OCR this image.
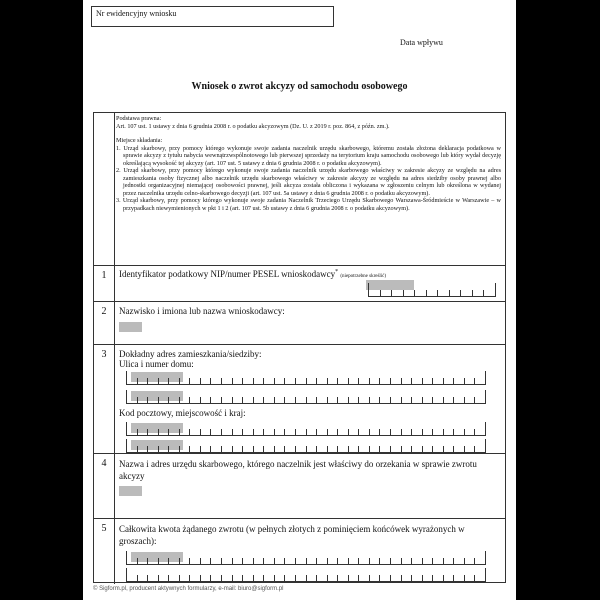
Nr ewidencyjny wniosku
Data wpływu
Wniosek o zwrot akcyzy od samochodu osobowego

Podstawa prawna:

Art. 107 ust. 1 ustawy z dnia 6 grudnia 2008 r. o podatku akcyzowym (Dz. U. z 2019 r. poz. 864, z późn. zm.).

Miejsce składania:

1. Urząd skarbowy, przy pomocy którego wykonuje swoje zadania naczelnik urzędu skarbowego, któremu została złożona deklaracja podatkowa w sprawie akcyzy z tytułu nabycia wewnątrzwspólnotowego lub pierwszej sprzedaży na terytorium kraju samochodu osobowego lub który wydał decyzję określającą wysokość tej akcyzy (art. 107 ust. 5 ustawy z dnia 6 grudnia 2008 r. o podatku akcyzowym).
2. Urząd skarbowy, przy pomocy którego wykonuje swoje zadania naczelnik urzędu skarbowego właściwy w zakresie akcyzy ze względu na adres zamieszkania osoby fizycznej albo naczelnik urzędu skarbowego właściwy w zakresie akcyzy ze względu na adres siedziby osoby prawnej albo jednostki organizacyjnej niemającej osobowości prawnej, jeśli akcyza została obliczona i wykazana w zgłoszeniu celnym lub określona w wydanej przez naczelnika urzędu celno-skarbowego decyzji (art. 107 ust. 5a ustawy z dnia 6 grudnia 2008 r. o podatku akcyzowym).
3. Urząd skarbowy, przy pomocy którego wykonuje swoje zadania Naczelnik Trzeciego Urzędu Skarbowego Warszawa-Śródmieście w Warszawie – w przypadkach niewymienionych w pkt 1 i 2 (art. 107 ust. 5b ustawy z dnia 6 grudnia 2008 r. o podatku akcyzowym).
1	Identyfikator podatkowy NIP/numer PESEL wnioskodawcy* (niepotrzebne skreślić)
2	Nazwisko i imiona lub nazwa wnioskodawcy:
3	Dokładny adres zamieszkania/siedziby:
Ulica i numer domu:
Kod pocztowy, miejscowość i kraj:
4	Nazwa i adres urzędu skarbowego, którego naczelnik jest właściwy do orzekania w sprawie zwrotu akcyzy
5	Całkowita kwota żądanego zwrotu (w pełnych złotych z pominięciem końcówek wyrażonych w groszach):
© Sigform.pl, producent aktywnych formularzy, e-mail: biuro@sigform.pl
